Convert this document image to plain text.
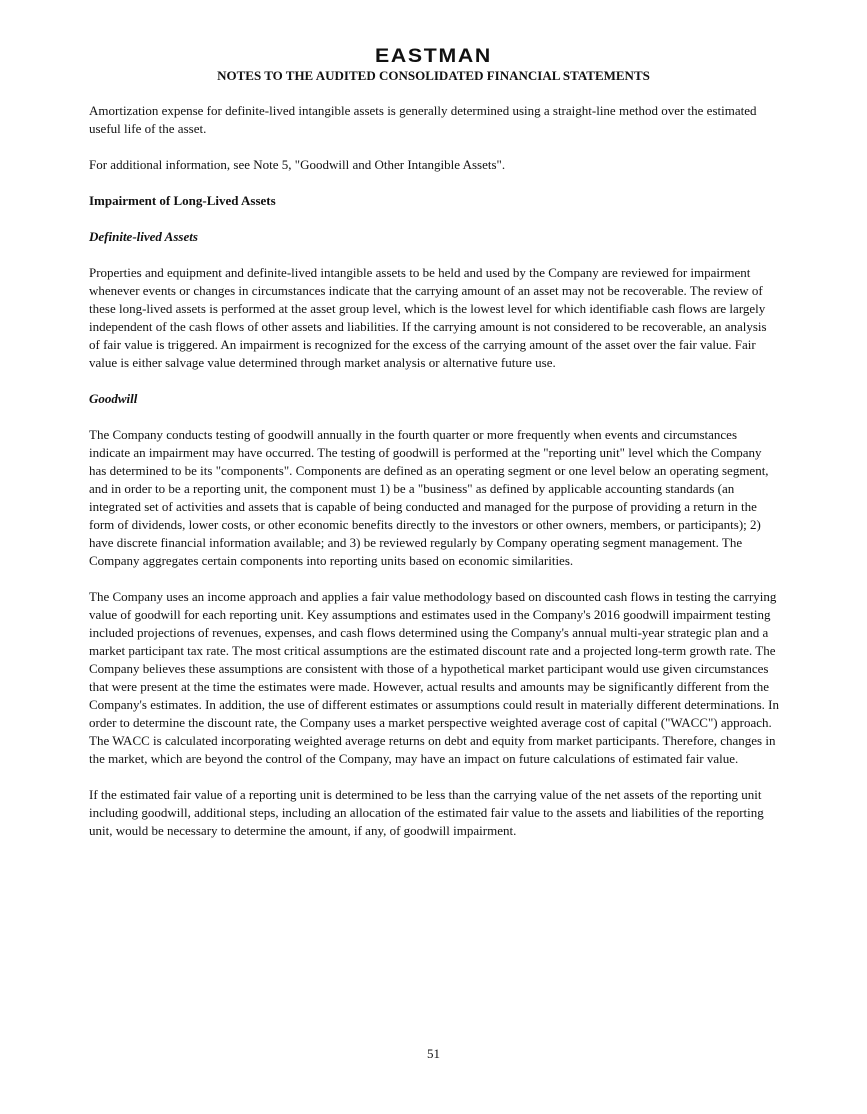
EASTMAN
NOTES TO THE AUDITED CONSOLIDATED FINANCIAL STATEMENTS

Amortization expense for definite-lived intangible assets is generally determined using a straight-line method over the estimated useful life of the asset.

For additional information, see Note 5, "Goodwill and Other Intangible Assets".

Impairment of Long-Lived Assets

Definite-lived Assets

Properties and equipment and definite-lived intangible assets to be held and used by the Company are reviewed for impairment whenever events or changes in circumstances indicate that the carrying amount of an asset may not be recoverable. The review of these long-lived assets is performed at the asset group level, which is the lowest level for which identifiable cash flows are largely independent of the cash flows of other assets and liabilities. If the carrying amount is not considered to be recoverable, an analysis of fair value is triggered. An impairment is recognized for the excess of the carrying amount of the asset over the fair value. Fair value is either salvage value determined through market analysis or alternative future use.

Goodwill

The Company conducts testing of goodwill annually in the fourth quarter or more frequently when events and circumstances indicate an impairment may have occurred. The testing of goodwill is performed at the "reporting unit" level which the Company has determined to be its "components". Components are defined as an operating segment or one level below an operating segment, and in order to be a reporting unit, the component must 1) be a "business" as defined by applicable accounting standards (an integrated set of activities and assets that is capable of being conducted and managed for the purpose of providing a return in the form of dividends, lower costs, or other economic benefits directly to the investors or other owners, members, or participants); 2) have discrete financial information available; and 3) be reviewed regularly by Company operating segment management. The Company aggregates certain components into reporting units based on economic similarities.

The Company uses an income approach and applies a fair value methodology based on discounted cash flows in testing the carrying value of goodwill for each reporting unit. Key assumptions and estimates used in the Company's 2016 goodwill impairment testing included projections of revenues, expenses, and cash flows determined using the Company's annual multi-year strategic plan and a market participant tax rate. The most critical assumptions are the estimated discount rate and a projected long-term growth rate. The Company believes these assumptions are consistent with those of a hypothetical market participant would use given circumstances that were present at the time the estimates were made. However, actual results and amounts may be significantly different from the Company's estimates. In addition, the use of different estimates or assumptions could result in materially different determinations. In order to determine the discount rate, the Company uses a market perspective weighted average cost of capital ("WACC") approach. The WACC is calculated incorporating weighted average returns on debt and equity from market participants. Therefore, changes in the market, which are beyond the control of the Company, may have an impact on future calculations of estimated fair value.

If the estimated fair value of a reporting unit is determined to be less than the carrying value of the net assets of the reporting unit including goodwill, additional steps, including an allocation of the estimated fair value to the assets and liabilities of the reporting unit, would be necessary to determine the amount, if any, of goodwill impairment.

51
